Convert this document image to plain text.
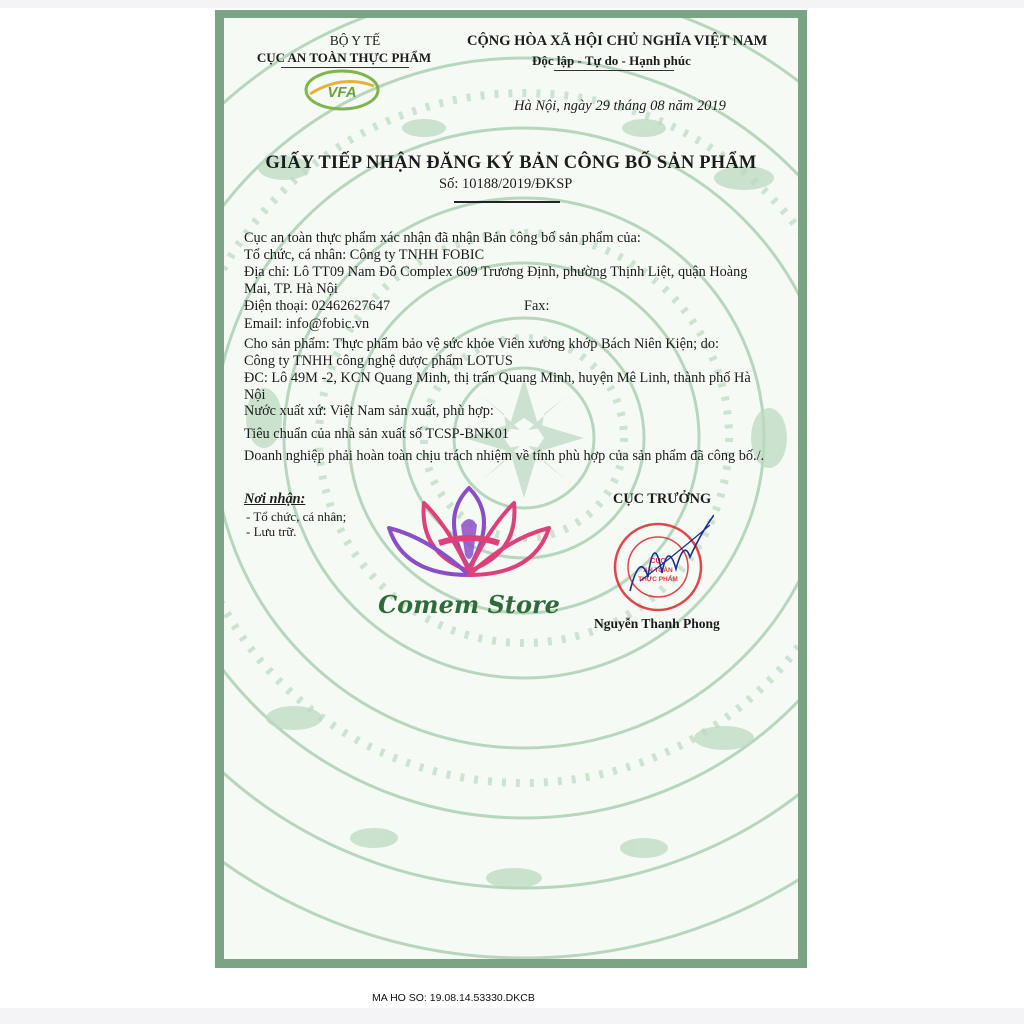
BỘ Y TẾ
CỤC AN TOÀN THỰC PHẨM
VFA
CỘNG HÒA XÃ HỘI CHỦ NGHĨA VIỆT NAM
Độc lập - Tự do - Hạnh phúc
Hà Nội, ngày 29 tháng 08 năm 2019
GIẤY TIẾP NHẬN ĐĂNG KÝ BẢN CÔNG BỐ SẢN PHẨM
Số: 10188/2019/ĐKSP
Cục an toàn thực phẩm xác nhận đã nhận Bản công bố sản phẩm của:
Tổ chức, cá nhân: Công ty TNHH FOBIC
Địa chỉ: Lô TT09 Nam Đô Complex 609 Trương Định, phường Thịnh Liệt, quận Hoàng
Mai, TP. Hà Nội
Điện thoại: 02462627647	Fax:
Email: info@fobic.vn
Cho sản phẩm: Thực phẩm bảo vệ sức khỏe Viên xương khớp Bách Niên Kiện; do:
Công ty TNHH công nghệ dược phẩm LOTUS
ĐC: Lô 49M -2, KCN Quang Minh, thị trấn Quang Minh, huyện Mê Linh, thành phố Hà
Nội
Nước xuất xứ: Việt Nam sản xuất, phù hợp:
Tiêu chuẩn của nhà sản xuất số TCSP-BNK01
Doanh nghiệp phải hoàn toàn chịu trách nhiệm về tính phù hợp của sản phẩm đã công bố./.
Nơi nhận:
- Tổ chức, cá nhân;
- Lưu trữ.
CỤC TRƯỞNG
CỤC
AN TOÀN
THỰC PHẨM
Nguyễn Thanh Phong
Comem Store
MA HO SO: 19.08.14.53330.DKCB
